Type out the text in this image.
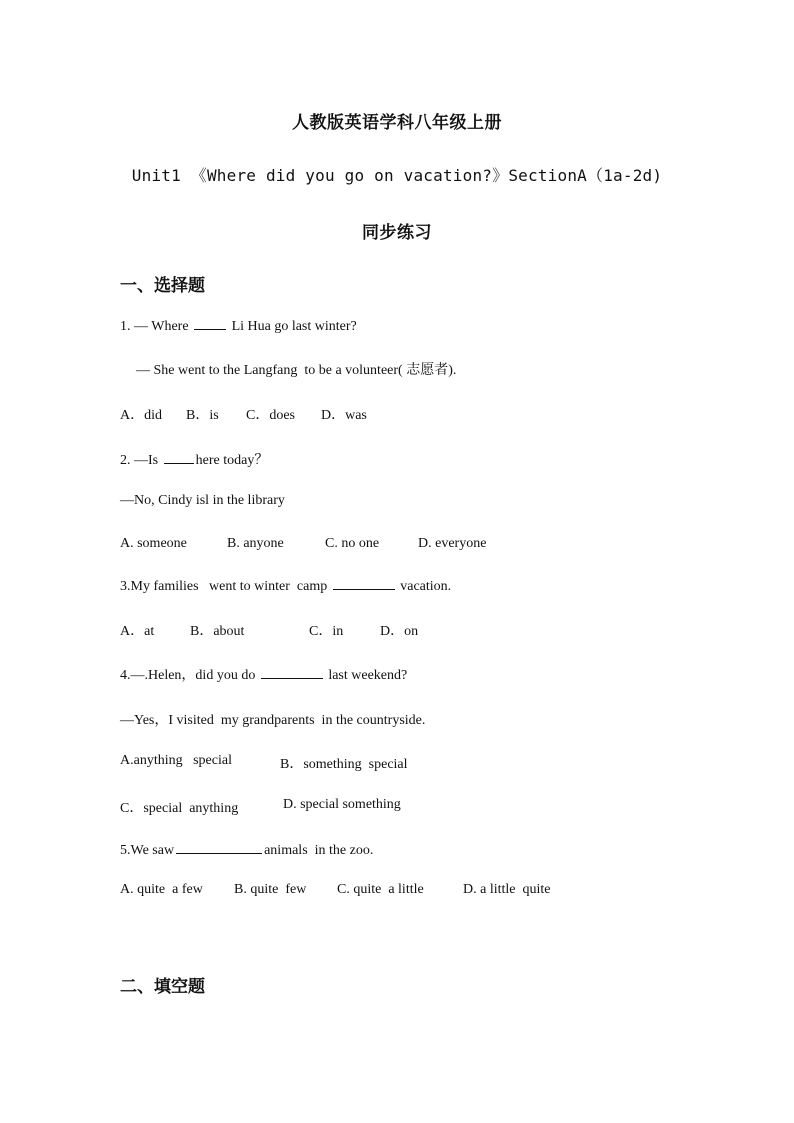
人教版英语学科八年级上册
Unit1 《Where did you go on vacation?》SectionA（1a-2d)
同步练习
一、选择题
1. — Where	Li Hua go last winter?
— She went to the Langfang  to be a volunteer( 志愿者).
A．did B．is C．does D．was
2. —Is	here today？
—No, Cindy isl in the library
A. someone	B. anyone	C. no one	D. everyone
3.My families   went to winter  camp	vacation.
A．at	B．about	C．in	D．on
4.—.Helen，did you do	last weekend?
—Yes，I visited  my grandparents  in the countryside.
A.anything   special	B．something  special
C．special  anything	D. special something
5.We saw	animals  in the zoo.
A. quite  a few B. quite  few C. quite  a little	D. a little  quite
二、填空题
